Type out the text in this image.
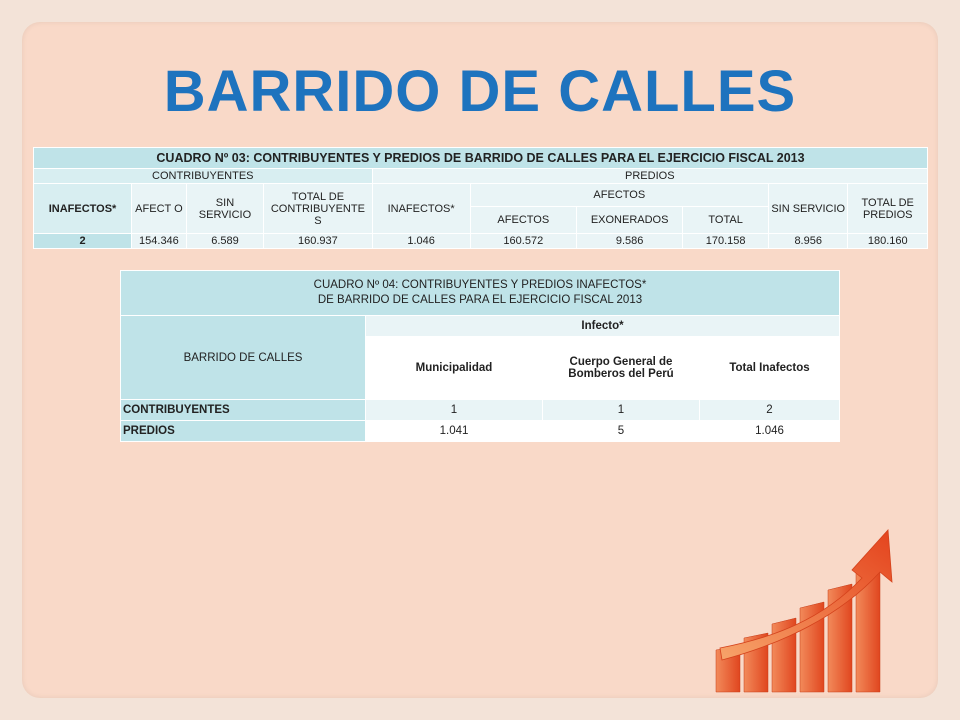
BARRIDO DE CALLES
CUADRO Nº 03: CONTRIBUYENTES Y PREDIOS DE BARRIDO DE CALLES PARA EL EJERCICIO FISCAL 2013									
CONTRIBUYENTES				PREDIOS					
INAFECTOS*	AFECT O	SIN SERVICIO	TOTAL DE CONTRIBUYENTE S	INAFECTOS*	AFECTOS			SIN SERVICIO	TOTAL DE PREDIOS
					AFECTOS	EXONERADOS	TOTAL		
2	154.346	6.589	160.937	1.046	160.572	9.586	170.158	8.956	180.160
CUADRO Nº 04: CONTRIBUYENTES Y PREDIOS INAFECTOS*
DE BARRIDO DE CALLES PARA EL EJERCICIO FISCAL 2013			

BARRIDO DE CALLES	Infecto*		
	Municipalidad	Cuerpo General de Bomberos del Perú	Total Inafectos
CONTRIBUYENTES	1	1	2
PREDIOS	1.041	5	1.046
